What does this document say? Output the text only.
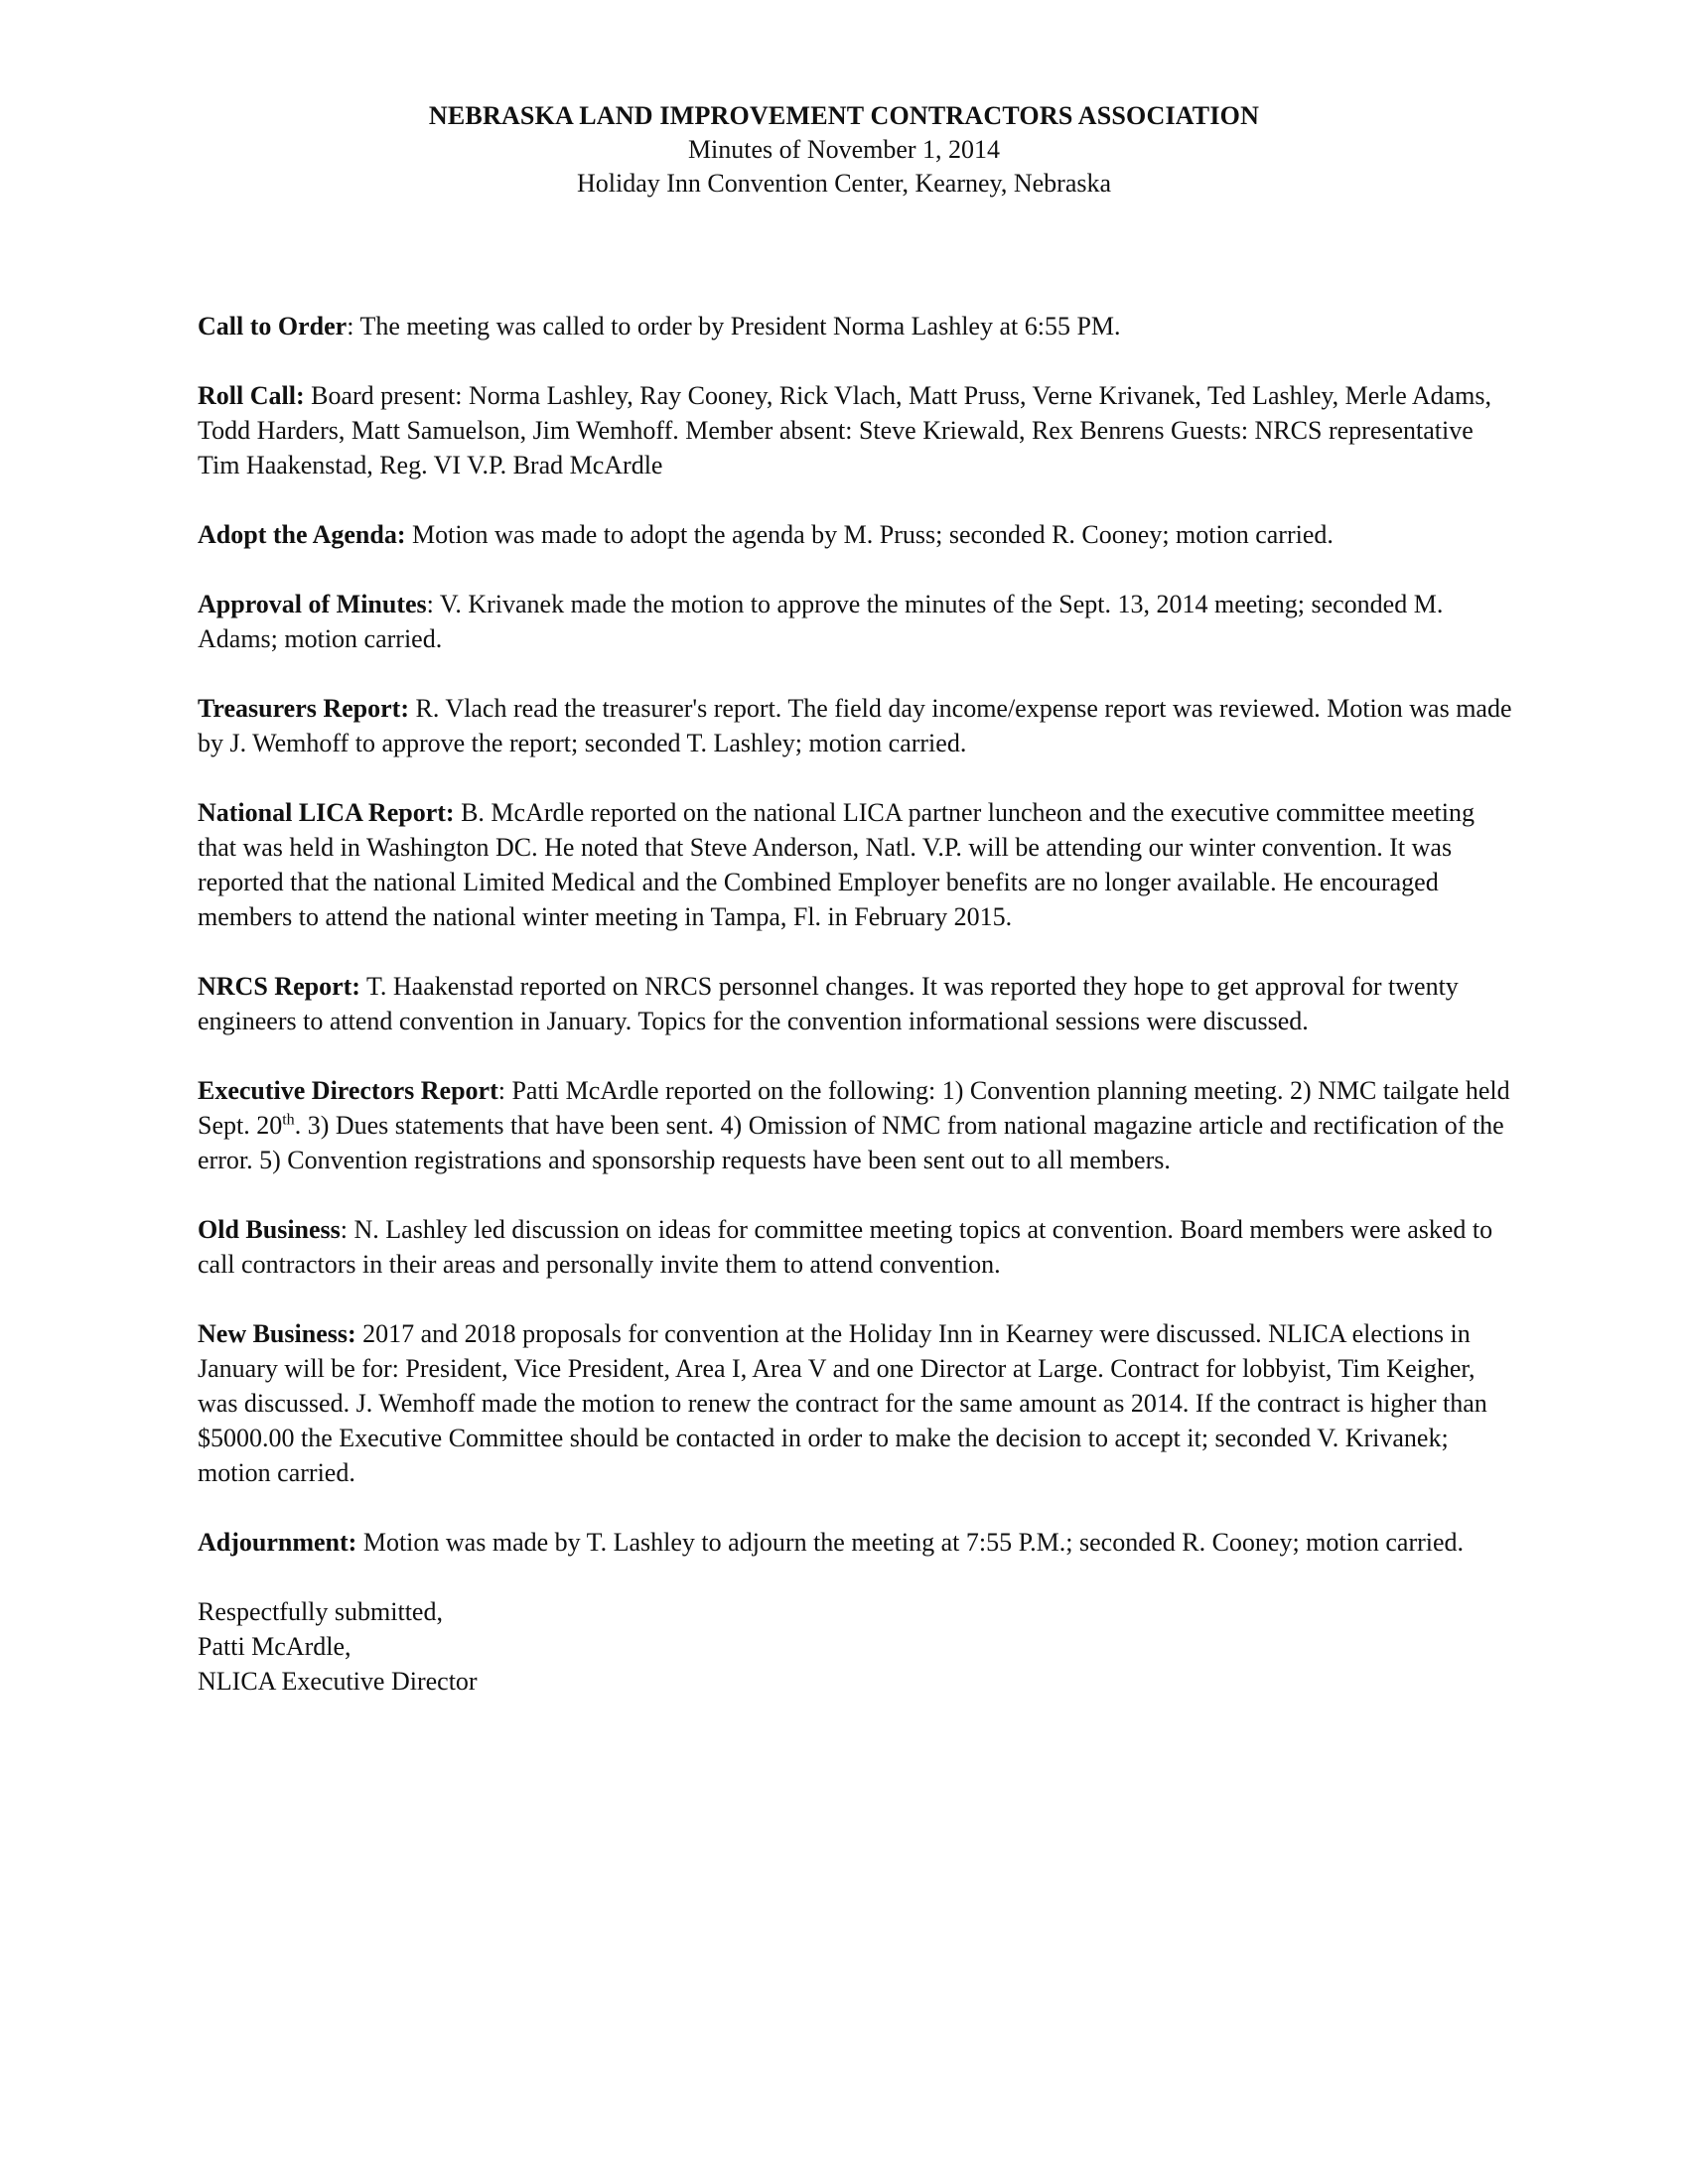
NEBRASKA LAND IMPROVEMENT CONTRACTORS ASSOCIATION
Minutes of November 1, 2014
Holiday Inn Convention Center, Kearney, Nebraska

Call to Order: The meeting was called to order by President Norma Lashley at 6:55 PM.

Roll Call: Board present: Norma Lashley, Ray Cooney, Rick Vlach, Matt Pruss, Verne Krivanek, Ted Lashley, Merle Adams, Todd Harders, Matt Samuelson, Jim Wemhoff. Member absent: Steve Kriewald, Rex Benrens Guests: NRCS representative Tim Haakenstad, Reg. VI V.P. Brad McArdle

Adopt the Agenda: Motion was made to adopt the agenda by M. Pruss; seconded R. Cooney; motion carried.

Approval of Minutes: V. Krivanek made the motion to approve the minutes of the Sept. 13, 2014 meeting; seconded M. Adams; motion carried.

Treasurers Report: R. Vlach read the treasurer's report. The field day income/expense report was reviewed. Motion was made by J. Wemhoff to approve the report; seconded T. Lashley; motion carried.

National LICA Report: B. McArdle reported on the national LICA partner luncheon and the executive committee meeting that was held in Washington DC. He noted that Steve Anderson, Natl. V.P. will be attending our winter convention. It was reported that the national Limited Medical and the Combined Employer benefits are no longer available. He encouraged members to attend the national winter meeting in Tampa, Fl. in February 2015.

NRCS Report: T. Haakenstad reported on NRCS personnel changes. It was reported they hope to get approval for twenty engineers to attend convention in January. Topics for the convention informational sessions were discussed.

Executive Directors Report: Patti McArdle reported on the following: 1) Convention planning meeting. 2) NMC tailgate held Sept. 20th. 3) Dues statements that have been sent. 4) Omission of NMC from national magazine article and rectification of the error. 5) Convention registrations and sponsorship requests have been sent out to all members.

Old Business: N. Lashley led discussion on ideas for committee meeting topics at convention. Board members were asked to call contractors in their areas and personally invite them to attend convention.

New Business: 2017 and 2018 proposals for convention at the Holiday Inn in Kearney were discussed. NLICA elections in January will be for: President, Vice President, Area I, Area V and one Director at Large. Contract for lobbyist, Tim Keigher, was discussed. J. Wemhoff made the motion to renew the contract for the same amount as 2014. If the contract is higher than $5000.00 the Executive Committee should be contacted in order to make the decision to accept it; seconded V. Krivanek; motion carried.

Adjournment: Motion was made by T. Lashley to adjourn the meeting at 7:55 P.M.; seconded R. Cooney; motion carried.

Respectfully submitted,
Patti McArdle,
NLICA Executive Director
